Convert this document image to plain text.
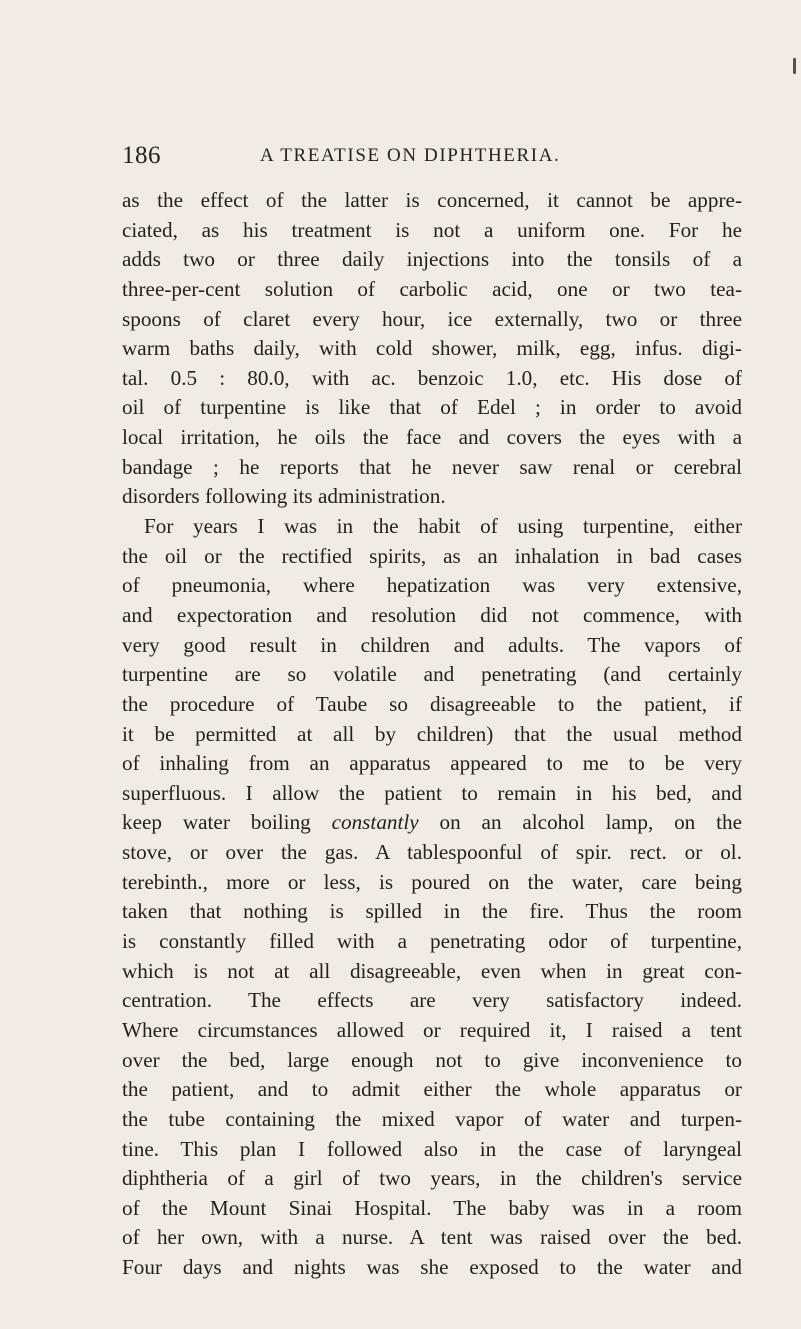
186	A TREATISE ON DIPHTHERIA.
as the effect of the latter is concerned, it cannot be appre-
ciated, as his treatment is not a uniform one. For he
adds two or three daily injections into the tonsils of a
three-per-cent solution of carbolic acid, one or two tea-
spoons of claret every hour, ice externally, two or three
warm baths daily, with cold shower, milk, egg, infus. digi-
tal. 0.5 : 80.0, with ac. benzoic 1.0, etc. His dose of
oil of turpentine is like that of Edel ; in order to avoid
local irritation, he oils the face and covers the eyes with a
bandage ; he reports that he never saw renal or cerebral
disorders following its administration.
For years I was in the habit of using turpentine, either
the oil or the rectified spirits, as an inhalation in bad cases
of pneumonia, where hepatization was very extensive,
and expectoration and resolution did not commence, with
very good result in children and adults. The vapors of
turpentine are so volatile and penetrating (and certainly
the procedure of Taube so disagreeable to the patient, if
it be permitted at all by children) that the usual method
of inhaling from an apparatus appeared to me to be very
superfluous. I allow the patient to remain in his bed, and
keep water boiling constantly on an alcohol lamp, on the
stove, or over the gas. A tablespoonful of spir. rect. or ol.
terebinth., more or less, is poured on the water, care being
taken that nothing is spilled in the fire. Thus the room
is constantly filled with a penetrating odor of turpentine,
which is not at all disagreeable, even when in great con-
centration. The effects are very satisfactory indeed.
Where circumstances allowed or required it, I raised a tent
over the bed, large enough not to give inconvenience to
the patient, and to admit either the whole apparatus or
the tube containing the mixed vapor of water and turpen-
tine. This plan I followed also in the case of laryngeal
diphtheria of a girl of two years, in the children's service
of the Mount Sinai Hospital. The baby was in a room
of her own, with a nurse. A tent was raised over the bed.
Four days and nights was she exposed to the water and
